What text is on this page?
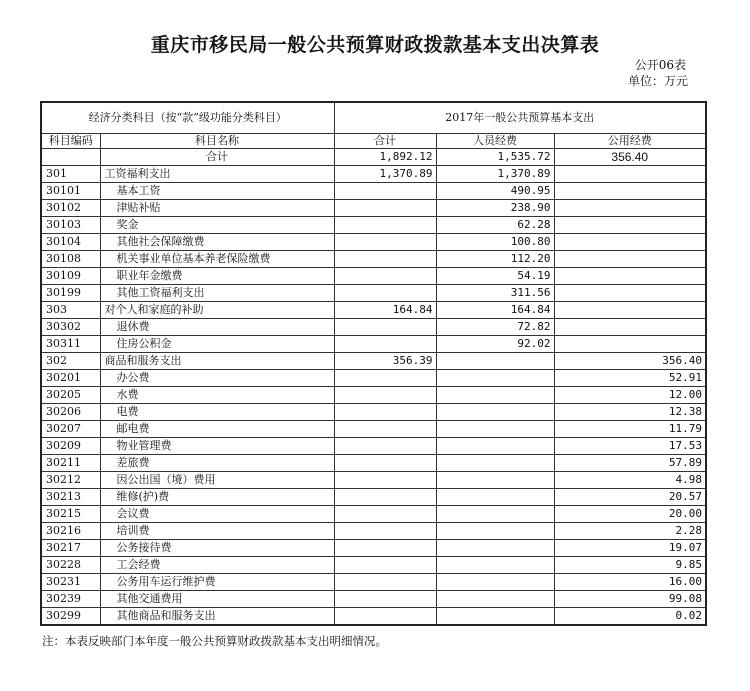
重庆市移民局一般公共预算财政拨款基本支出决算表
公开06表
单位：万元
经济分类科目（按“款”级功能分类科目）		2017年一般公共预算基本支出		
科目编码	科目名称	合计	人员经费	公用经费
	合计	1,892.12	1,535.72	356.40
301	工资福利支出	1,370.89	1,370.89	
30101	基本工资		490.95	
30102	津贴补贴		238.90	
30103	奖金		62.28	
30104	其他社会保障缴费		100.80	
30108	机关事业单位基本养老保险缴费		112.20	
30109	职业年金缴费		54.19	
30199	其他工资福利支出		311.56	
303	对个人和家庭的补助	164.84	164.84	
30302	退休费		72.82	
30311	住房公积金		92.02	
302	商品和服务支出	356.39		356.40
30201	办公费			52.91
30205	水费			12.00
30206	电费			12.38
30207	邮电费			11.79
30209	物业管理费			17.53
30211	差旅费			57.89
30212	因公出国（境）费用			4.98
30213	维修(护)费			20.57
30215	会议费			20.00
30216	培训费			2.28
30217	公务接待费			19.07
30228	工会经费			9.85
30231	公务用车运行维护费			16.00
30239	其他交通费用			99.08
30299	其他商品和服务支出			0.02
注：本表反映部门本年度一般公共预算财政拨款基本支出明细情况。
